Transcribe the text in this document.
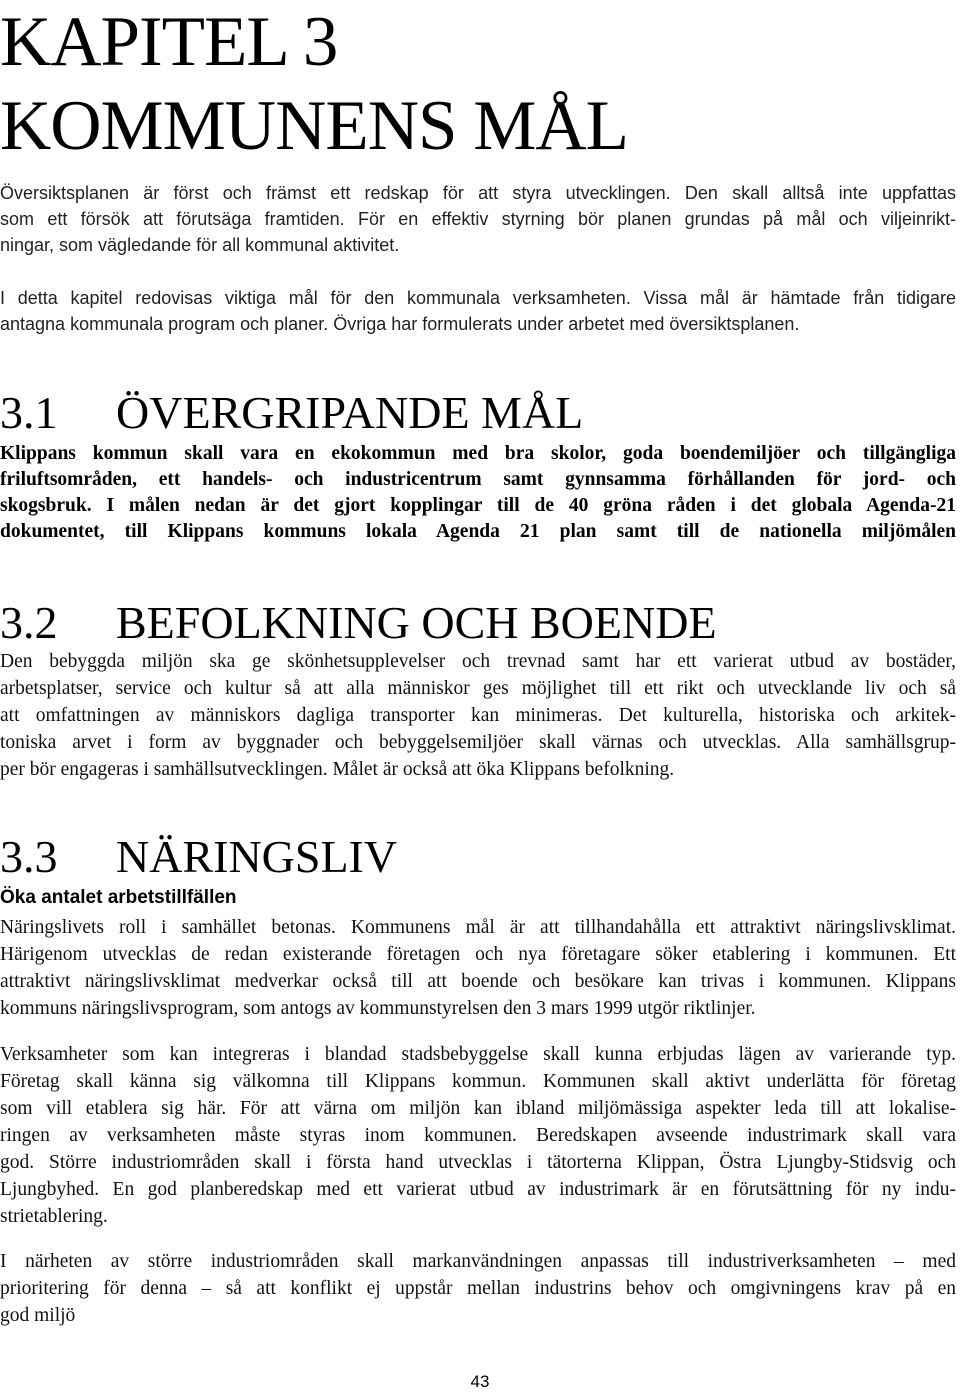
KAPITEL 3
KOMMUNENS MÅL

Översiktsplanen är först och främst ett redskap för att styra utvecklingen. Den skall alltså inte uppfattas
som ett försök att förutsäga framtiden. För en effektiv styrning bör planen grundas på mål och viljeinrikt-
ningar, som vägledande för all kommunal aktivitet.

I detta kapitel redovisas viktiga mål för den kommunala verksamheten. Vissa mål är hämtade från tidigare
antagna kommunala program och planer. Övriga har formulerats under arbetet med översiktsplanen.

3.1	ÖVERGRIPANDE MÅL

Klippans kommun skall vara en ekokommun med bra skolor, goda boendemiljöer och tillgängliga
friluftsområden, ett handels- och industricentrum samt gynnsamma förhållanden för jord- och
skogsbruk. I målen nedan är det gjort kopplingar till de 40 gröna råden i det globala Agenda-21
dokumentet, till Klippans kommuns lokala Agenda 21 plan samt till de nationella miljömålen

3.2	BEFOLKNING OCH BOENDE

Den bebyggda miljön ska ge skönhetsupplevelser och trevnad samt har ett varierat utbud av bostäder,
arbetsplatser, service och kultur så att alla människor ges möjlighet till ett rikt och utvecklande liv och så
att omfattningen av människors dagliga transporter kan minimeras. Det kulturella, historiska och arkitek-
toniska arvet i form av byggnader och bebyggelsemiljöer skall värnas och utvecklas. Alla samhällsgrup-
per bör engageras i samhällsutvecklingen. Målet är också att öka Klippans befolkning.

3.3	NÄRINGSLIV
Öka antalet arbetstillfällen

Näringslivets roll i samhället betonas. Kommunens mål är att tillhandahålla ett attraktivt näringslivsklimat.
Härigenom utvecklas de redan existerande företagen och nya företagare söker etablering i kommunen. Ett
attraktivt näringslivsklimat medverkar också till att boende och besökare kan trivas i kommunen. Klippans
kommuns näringslivsprogram, som antogs av kommunstyrelsen den 3 mars 1999 utgör riktlinjer.

Verksamheter som kan integreras i blandad stadsbebyggelse skall kunna erbjudas lägen av varierande typ.
Företag skall känna sig välkomna till Klippans kommun. Kommunen skall aktivt underlätta för företag
som vill etablera sig här. För att värna om miljön kan ibland miljömässiga aspekter leda till att lokalise-
ringen av verksamheten måste styras inom kommunen. Beredskapen avseende industrimark skall vara
god. Större industriområden skall i första hand utvecklas i tätorterna Klippan, Östra Ljungby-Stidsvig och
Ljungbyhed. En god planberedskap med ett varierat utbud av industrimark är en förutsättning för ny indu-
strietablering.

I närheten av större industriområden skall markanvändningen anpassas till industriverksamheten – med
prioritering för denna – så att konflikt ej uppstår mellan industrins behov och omgivningens krav på en
god miljö

43
